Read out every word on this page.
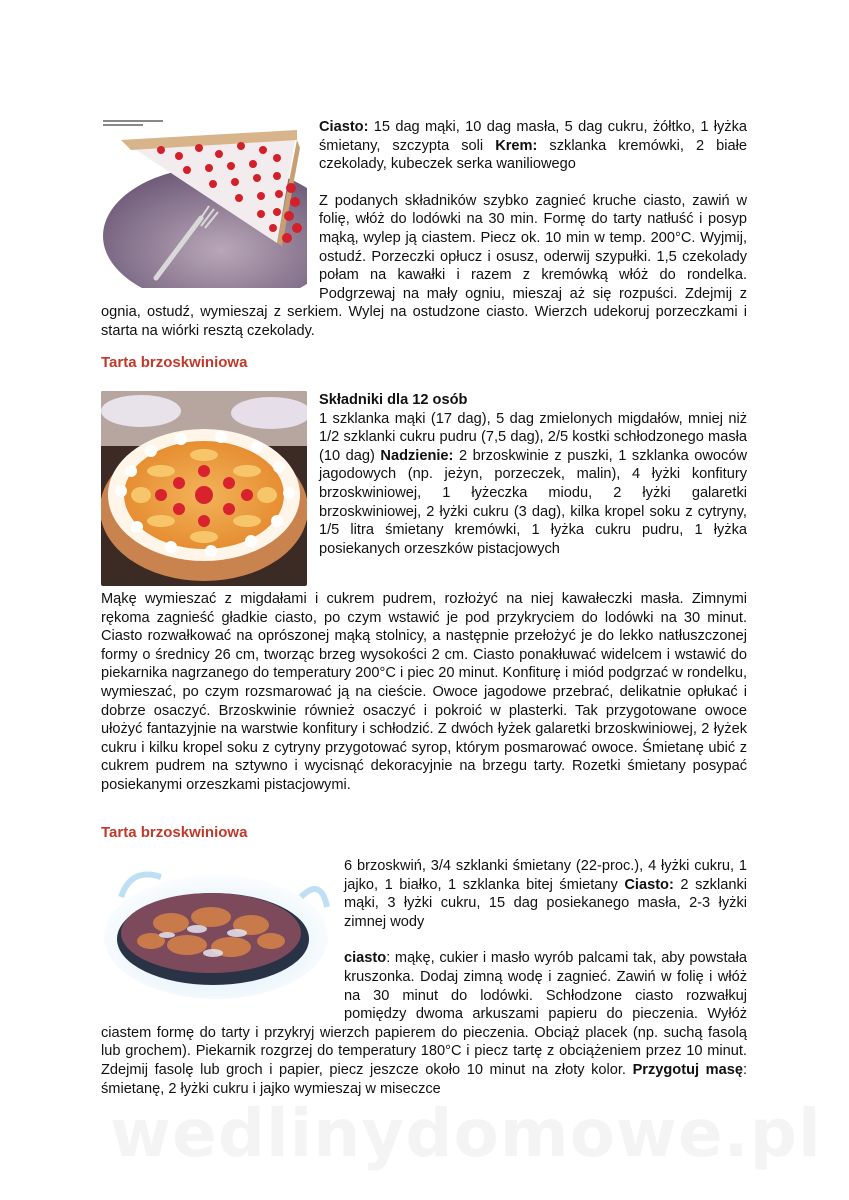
Ciasto: 15 dag mąki, 10 dag masła, 5 dag cukru, żółtko, 1 łyżka śmietany, szczypta soli Krem: szklanka kremówki, 2 białe czekolady, kubeczek serka waniliowego

Z podanych składników szybko zagnieć kruche ciasto, zawiń w folię, włóż do lodówki na 30 min. Formę do tarty natłuść i posyp mąką, wylep ją ciastem. Piecz ok. 10 min w temp. 200°C. Wyjmij, ostudź. Porzeczki opłucz i osusz, oderwij szypułki. 1,5 czekolady połam na kawałki i razem z kremówką włóż do rondelka. Podgrzewaj na mały ogniu, mieszaj aż się rozpuści. Zdejmij z ognia, ostudź, wymieszaj z serkiem. Wylej na ostudzone ciasto. Wierzch udekoruj porzeczkami i starta na wiórki resztą czekolady.

Tarta brzoskwiniowa

Składniki dla 12 osób
1 szklanka mąki (17 dag), 5 dag zmielonych migdałów, mniej niż 1/2 szklanki cukru pudru (7,5 dag), 2/5 kostki schłodzonego masła (10 dag) Nadzienie: 2 brzoskwinie z puszki, 1 szklanka owoców jagodowych (np. jeżyn, porzeczek, malin), 4 łyżki konfitury brzoskwiniowej, 1 łyżeczka miodu, 2 łyżki galaretki brzoskwiniowej, 2 łyżki cukru (3 dag), kilka kropel soku z cytryny, 1/5 litra śmietany kremówki, 1 łyżka cukru pudru, 1 łyżka posiekanych orzeszków pistacjowych

Mąkę wymieszać z migdałami i cukrem pudrem, rozłożyć na niej kawałeczki masła. Zimnymi rękoma zagnieść gładkie ciasto, po czym wstawić je pod przykryciem do lodówki na 30 minut. Ciasto rozwałkować na oprószonej mąką stolnicy, a następnie przełożyć je do lekko natłuszczonej formy o średnicy 26 cm, tworząc brzeg wysokości 2 cm. Ciasto ponakłuwać widelcem i wstawić do piekarnika nagrzanego do temperatury 200°C i piec 20 minut. Konfiturę i miód podgrzać w rondelku, wymieszać, po czym rozsmarować ją na cieście. Owoce jagodowe przebrać, delikatnie opłukać i dobrze osaczyć. Brzoskwinie również osaczyć i pokroić w plasterki. Tak przygotowane owoce ułożyć fantazyjnie na warstwie konfitury i schłodzić. Z dwóch łyżek galaretki brzoskwiniowej, 2 łyżek cukru i kilku kropel soku z cytryny przygotować syrop, którym posmarować owoce. Śmietanę ubić z cukrem pudrem na sztywno i wycisnąć dekoracyjnie na brzegu tarty. Rozetki śmietany posypać posiekanymi orzeszkami pistacjowymi.

Tarta brzoskwiniowa

6 brzoskwiń, 3/4 szklanki śmietany (22-proc.), 4 łyżki cukru, 1 jajko, 1 białko, 1 szklanka bitej śmietany Ciasto: 2 szklanki mąki, 3 łyżki cukru, 15 dag posiekanego masła, 2-3 łyżki zimnej wody

ciasto: mąkę, cukier i masło wyrób palcami tak, aby powstała kruszonka. Dodaj zimną wodę i zagnieć. Zawiń w folię i włóż na 30 minut do lodówki. Schłodzone ciasto rozwałkuj pomiędzy dwoma arkuszami papieru do pieczenia. Wyłóż ciastem formę do tarty i przykryj wierzch papierem do pieczenia. Obciąż placek (np. suchą fasolą lub grochem). Piekarnik rozgrzej do temperatury 180°C i piecz tartę z obciążeniem przez 10 minut. Zdejmij fasolę lub groch i papier, piecz jeszcze około 10 minut na złoty kolor. Przygotuj masę: śmietanę, 2 łyżki cukru i jajko wymieszaj w miseczce
